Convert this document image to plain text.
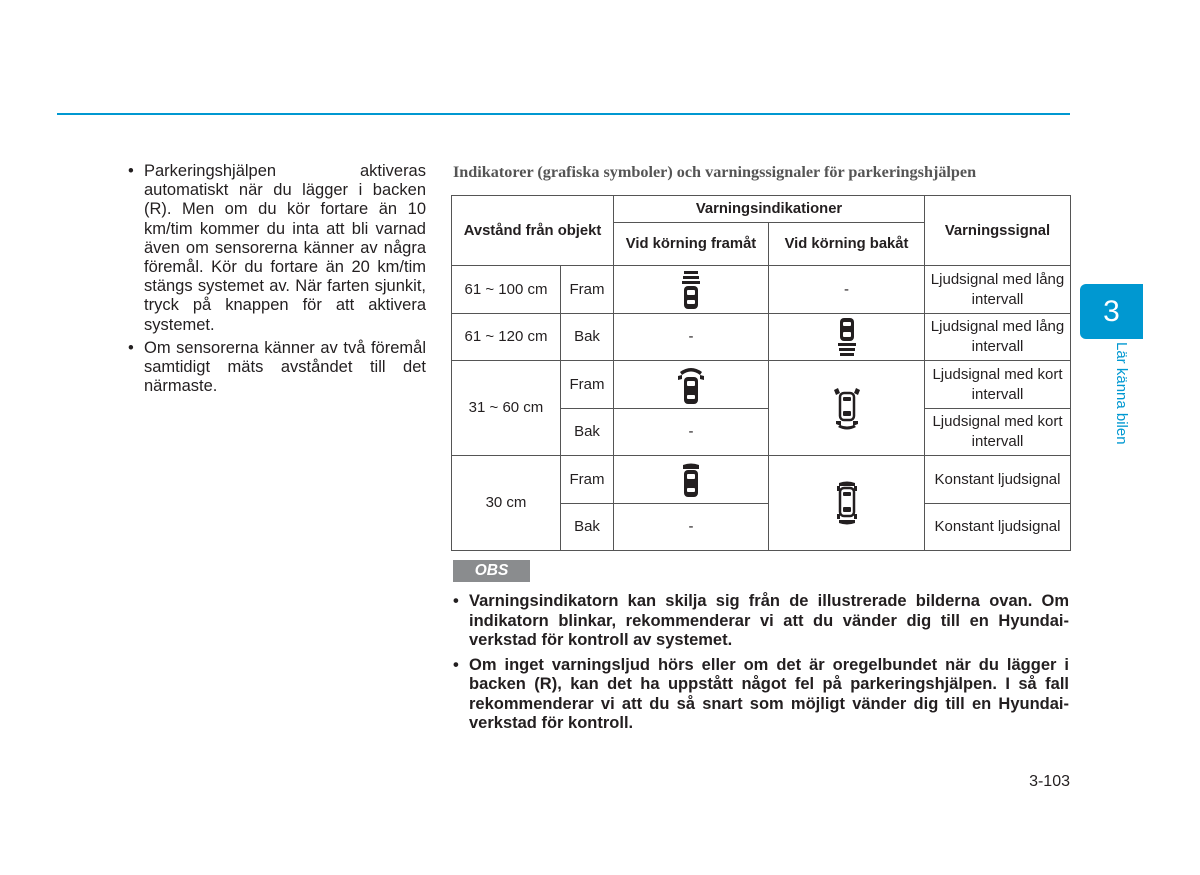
• Parkeringshjälpen aktiveras automatiskt när du lägger i backen (R). Men om du kör fortare än 10 km/tim kommer du inta att bli varnad även om sensorerna känner av några föremål. Kör du fortare än 20 km/tim stängs systemet av. När farten sjunkit, tryck på knappen för att aktivera systemet.
• Om sensorerna känner av två föremål samtidigt mäts avståndet till det närmaste.
Indikatorer (grafiska symboler) och varningssignaler för parkeringshjälpen
Avstånd från objekt		Varningsindikationer		Varningssignal
		Vid körning framåt	Vid körning bakåt	
61 ~ 100 cm	Fram		-	Ljudsignal med lång intervall
61 ~ 120 cm	Bak	-		Ljudsignal med lång intervall
31 ~ 60 cm	Fram			Ljudsignal med kort intervall
	Bak	-		Ljudsignal med kort intervall
30 cm	Fram			Konstant ljudsignal
	Bak	-		Konstant ljudsignal
OBS
• Varningsindikatorn kan skilja sig från de illustrerade bilderna ovan. Om indikatorn blinkar, rekommenderar vi att du vänder dig till en Hyundai-verkstad för kontroll av systemet.
• Om inget varningsljud hörs eller om det är oregelbundet när du lägger i backen (R), kan det ha uppstått något fel på parkeringshjälpen. I så fall rekommenderar vi att du så snart som möjligt vänder dig till en Hyundai-verkstad för kontroll.
3-103
3
Lär känna bilen
